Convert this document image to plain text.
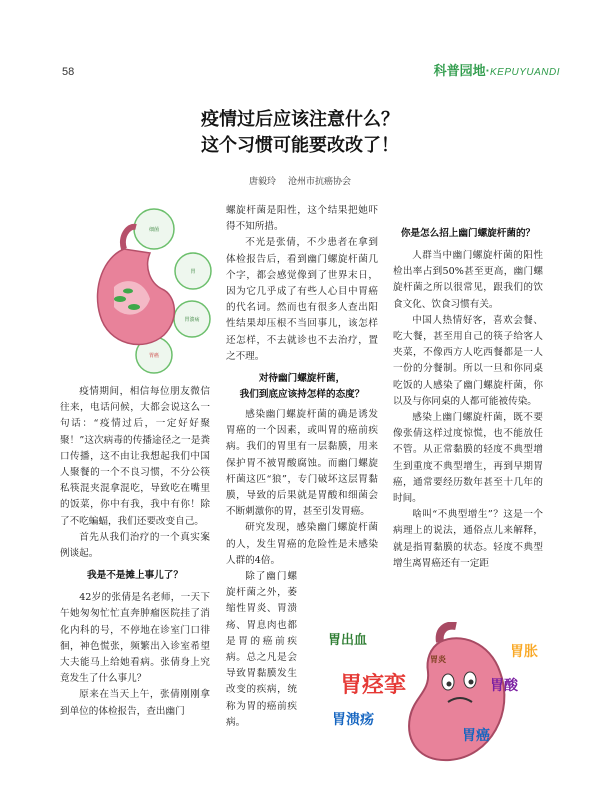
58	科普园地·KEPUYUANDI
疫情过后应该注意什么？
这个习惯可能要改改了！
唐毅玲 沧州市抗癌协会
细菌
胃
胃溃疡
胃癌

疫情期间，相信每位朋友微信往来，电话问候，大都会说这么一句话：“疫情过后，一定好好聚聚！”这次病毒的传播途径之一是粪口传播，这不由让我想起我们中国人聚餐的一个不良习惯，不分公筷私筷混夹混拿混吃，导致吃在嘴里的饭菜，你中有我，我中有你！除了不吃蝙蝠，我们还要改变自己。

首先从我们治疗的一个真实案例谈起。

我是不是摊上事儿了？

42岁的张倩是名老师，一天下午她匆匆忙忙直奔肿瘤医院挂了消化内科的号，不停地在诊室门口徘徊，神色慌张，频繁出入诊室希望大夫能马上给她看病。张倩身上究竟发生了什么事儿？

原来在当天上午，张倩刚刚拿到单位的体检报告，查出幽门

螺旋杆菌是阳性，这个结果把她吓得不知所措。

不光是张倩，不少患者在拿到体检报告后，看到幽门螺旋杆菌几个字，都会感觉像到了世界末日，因为它几乎成了有些人心目中胃癌的代名词。然而也有很多人查出阳性结果却压根不当回事儿，该怎样还怎样，不去就诊也不去治疗，置之不理。

对待幽门螺旋杆菌，

我们到底应该持怎样的态度？

感染幽门螺旋杆菌的确是诱发胃癌的一个因素，或叫胃的癌前疾病。我们的胃里有一层黏膜，用来保护胃不被胃酸腐蚀。而幽门螺旋杆菌这匹“狼”，专门破坏这层胃黏膜，导致的后果就是胃酸和细菌会不断刺激你的胃，甚至引发胃癌。

研究发现，感染幽门螺旋杆菌的人，发生胃癌的危险性是未感染人群的4倍。

除了幽门螺旋杆菌之外，萎缩性胃炎、胃溃疡、胃息肉也都是胃的癌前疾病。总之凡是会导致胃黏膜发生改变的疾病，统称为胃的癌前疾病。

你是怎么招上幽门螺旋杆菌的？

人群当中幽门螺旋杆菌的阳性检出率占到50%甚至更高，幽门螺旋杆菌之所以很常见，跟我们的饮食文化、饮食习惯有关。

中国人热情好客，喜欢会餐、吃大餐，甚至用自己的筷子给客人夹菜，不像西方人吃西餐都是一人一份的分餐制。所以一旦和你同桌吃饭的人感染了幽门螺旋杆菌，你以及与你同桌的人都可能被传染。

感染上幽门螺旋杆菌，既不要像张倩这样过度惊慌，也不能放任不管。从正常黏膜的轻度不典型增生到重度不典型增生，再到早期胃癌，通常要经历数年甚至十几年的时间。

啥叫“不典型增生”？这是一个病理上的说法，通俗点儿来解释，就是指胃黏膜的状态。轻度不典型增生离胃癌还有一定距

胃出血
胃炎
胃痉挛	胃酸
胃溃疡
胃胀
胃癌
